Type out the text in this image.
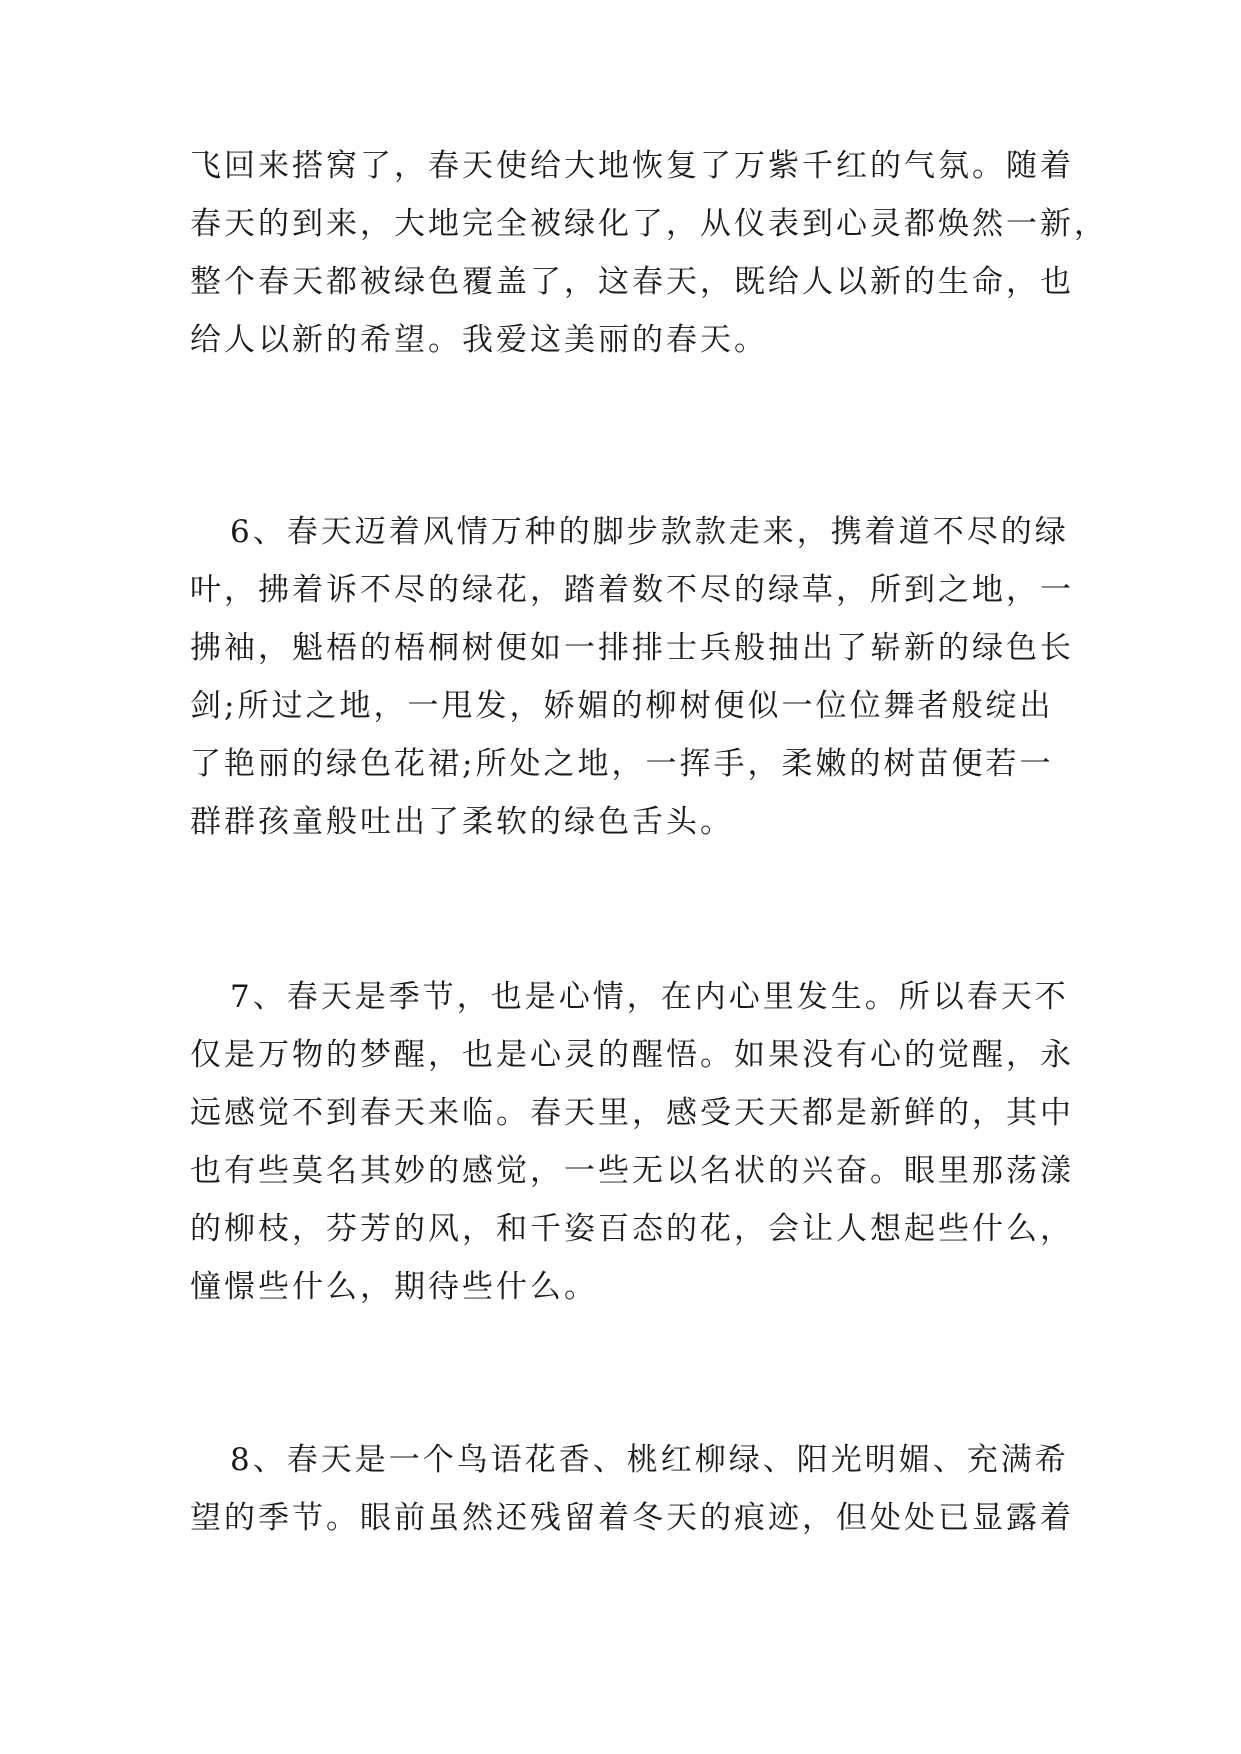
飞回来搭窝了，春天使给大地恢复了万紫千红的气氛。随着
春天的到来，大地完全被绿化了，从仪表到心灵都焕然一新，
整个春天都被绿色覆盖了，这春天，既给人以新的生命，也
给人以新的希望。我爱这美丽的春天。
6、春天迈着风情万种的脚步款款走来，携着道不尽的绿
叶，拂着诉不尽的绿花，踏着数不尽的绿草，所到之地，一
拂袖，魁梧的梧桐树便如一排排士兵般抽出了崭新的绿色长
剑;所过之地，一甩发，娇媚的柳树便似一位位舞者般绽出
了艳丽的绿色花裙;所处之地，一挥手，柔嫩的树苗便若一
群群孩童般吐出了柔软的绿色舌头。
7、春天是季节，也是心情，在内心里发生。所以春天不
仅是万物的梦醒，也是心灵的醒悟。如果没有心的觉醒，永
远感觉不到春天来临。春天里，感受天天都是新鲜的，其中
也有些莫名其妙的感觉，一些无以名状的兴奋。眼里那荡漾
的柳枝，芬芳的风，和千姿百态的花，会让人想起些什么，
憧憬些什么，期待些什么。
8、春天是一个鸟语花香、桃红柳绿、阳光明媚、充满希
望的季节。眼前虽然还残留着冬天的痕迹，但处处已显露着
